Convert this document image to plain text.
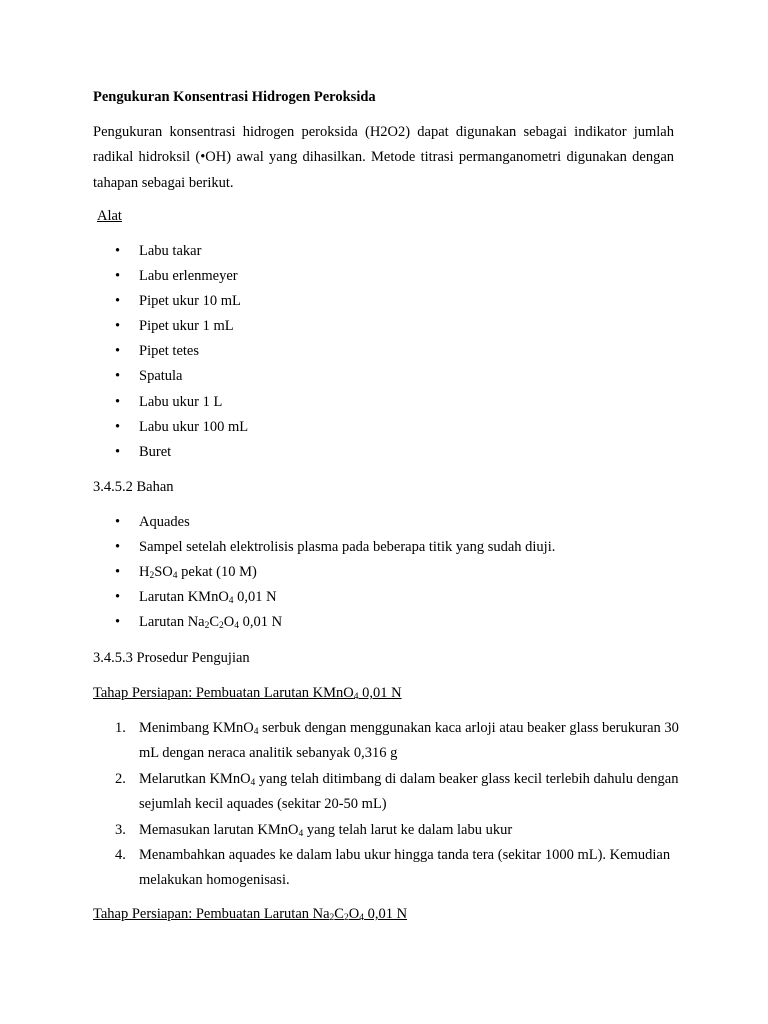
Pengukuran Konsentrasi Hidrogen Peroksida

Pengukuran konsentrasi hidrogen peroksida (H2O2) dapat digunakan sebagai indikator jumlah radikal hidroksil (•OH) awal yang dihasilkan. Metode titrasi permanganometri digunakan dengan tahapan sebagai berikut.

Alat

•	Labu takar
•	Labu erlenmeyer
•	Pipet ukur 10 mL
•	Pipet ukur 1 mL
•	Pipet tetes
•	Spatula
•	Labu ukur 1 L
•	Labu ukur 100 mL
•	Buret

3.4.5.2 Bahan

•	Aquades
•	Sampel setelah elektrolisis plasma pada beberapa titik yang sudah diuji.
•	$H_2SO_4$ pekat (10 M)
•	Larutan KMnO$_4$ 0,01 N
•	Larutan $Na_2C_2O_4$ 0,01 N

3.4.5.3 Prosedur Pengujian

Tahap Persiapan: Pembuatan Larutan KMnO$_4$ 0,01 N

1. Menimbang KMnO$_4$ serbuk dengan menggunakan kaca arloji atau beaker glass berukuran 30 mL dengan neraca analitik sebanyak 0,316 g
2. Melarutkan KMnO$_4$ yang telah ditimbang di dalam beaker glass kecil terlebih dahulu dengan sejumlah kecil aquades (sekitar 20-50 mL)
3. Memasukan larutan KMnO$_4$ yang telah larut ke dalam labu ukur
4. Menambahkan aquades ke dalam labu ukur hingga tanda tera (sekitar 1000 mL). Kemudian melakukan homogenisasi.

Tahap Persiapan: Pembuatan Larutan $Na_2C_2O_4$ 0,01 N
